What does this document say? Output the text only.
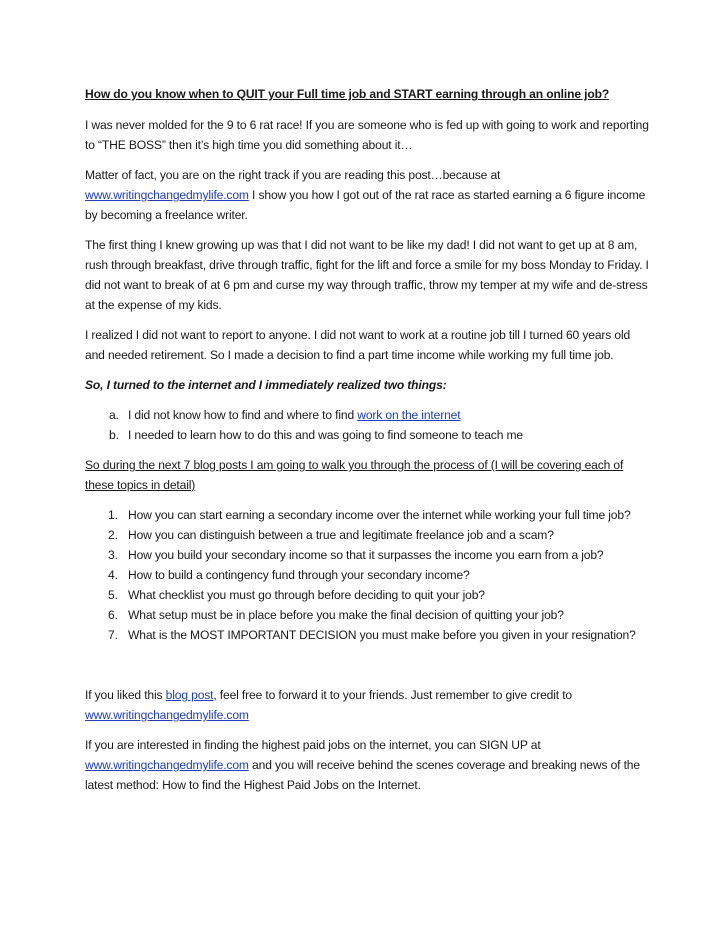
How do you know when to QUIT your Full time job and START earning through an online job?

I was never molded for the 9 to 6 rat race! If you are someone who is fed up with going to work and reporting to “THE BOSS” then it’s high time you did something about it…

Matter of fact, you are on the right track if you are reading this post…because at www.writingchangedmylife.com I show you how I got out of the rat race as started earning a 6 figure income by becoming a freelance writer.

The first thing I knew growing up was that I did not want to be like my dad! I did not want to get up at 8 am, rush through breakfast, drive through traffic, fight for the lift and force a smile for my boss Monday to Friday. I did not want to break of at 6 pm and curse my way through traffic, throw my temper at my wife and de-stress at the expense of my kids.

I realized I did not want to report to anyone. I did not want to work at a routine job till I turned 60 years old and needed retirement. So I made a decision to find a part time income while working my full time job.

So, I turned to the internet and I immediately realized two things:

a. I did not know how to find and where to find work on the internet
b. I needed to learn how to do this and was going to find someone to teach me

So during the next 7 blog posts I am going to walk you through the process of (I will be covering each of these topics in detail)

1. How you can start earning a secondary income over the internet while working your full time job?
2. How you can distinguish between a true and legitimate freelance job and a scam?
3. How you build your secondary income so that it surpasses the income you earn from a job?
4. How to build a contingency fund through your secondary income?
5. What checklist you must go through before deciding to quit your job?
6. What setup must be in place before you make the final decision of quitting your job?
7. What is the MOST IMPORTANT DECISION you must make before you given in your resignation?

If you liked this blog post, feel free to forward it to your friends. Just remember to give credit to www.writingchangedmylife.com

If you are interested in finding the highest paid jobs on the internet, you can SIGN UP at www.writingchangedmylife.com and you will receive behind the scenes coverage and breaking news of the latest method: How to find the Highest Paid Jobs on the Internet.
